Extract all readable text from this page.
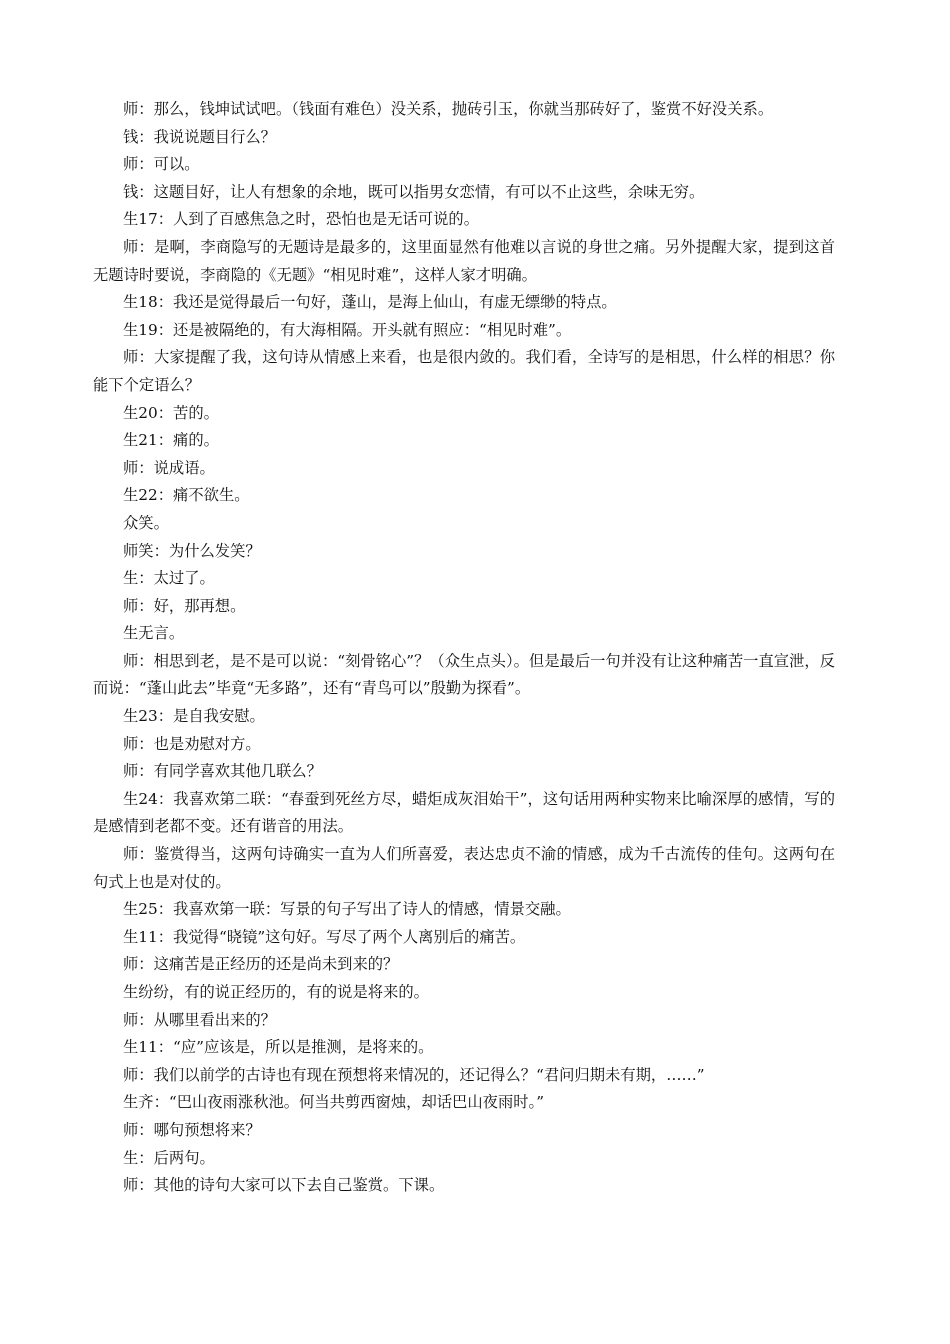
师：那么，钱坤试试吧。（钱面有难色）没关系，抛砖引玉，你就当那砖好了，鉴赏不好没关系。

钱：我说说题目行么？

师：可以。

钱：这题目好，让人有想象的余地，既可以指男女恋情，有可以不止这些，余味无穷。

生17：人到了百感焦急之时，恐怕也是无话可说的。

师：是啊，李商隐写的无题诗是最多的，这里面显然有他难以言说的身世之痛。另外提醒大家，提到这首无题诗时要说，李商隐的《无题》“相见时难”，这样人家才明确。

生18：我还是觉得最后一句好，蓬山，是海上仙山，有虚无缥缈的特点。

生19：还是被隔绝的，有大海相隔。开头就有照应：“相见时难”。

师：大家提醒了我，这句诗从情感上来看，也是很内敛的。我们看，全诗写的是相思，什么样的相思？你能下个定语么？

生20：苦的。

生21：痛的。

师：说成语。

生22：痛不欲生。

众笑。

师笑：为什么发笑？

生：太过了。

师：好，那再想。

生无言。

师：相思到老，是不是可以说：“刻骨铭心”？（众生点头）。但是最后一句并没有让这种痛苦一直宣泄，反而说：“蓬山此去”毕竟“无多路”，还有“青鸟可以”殷勤为探看”。

生23：是自我安慰。

师：也是劝慰对方。

师：有同学喜欢其他几联么？

生24：我喜欢第二联：“春蚕到死丝方尽，蜡炬成灰泪始干”，这句话用两种实物来比喻深厚的感情，写的是感情到老都不变。还有谐音的用法。

师：鉴赏得当，这两句诗确实一直为人们所喜爱，表达忠贞不渝的情感，成为千古流传的佳句。这两句在句式上也是对仗的。

生25：我喜欢第一联：写景的句子写出了诗人的情感，情景交融。

生11：我觉得“晓镜”这句好。写尽了两个人离别后的痛苦。

师：这痛苦是正经历的还是尚未到来的？

生纷纷，有的说正经历的，有的说是将来的。

师：从哪里看出来的？

生11：“应”应该是，所以是推测，是将来的。

师：我们以前学的古诗也有现在预想将来情况的，还记得么？“君问归期未有期，……”

生齐：“巴山夜雨涨秋池。何当共剪西窗烛，却话巴山夜雨时。”

师：哪句预想将来？

生：后两句。

师：其他的诗句大家可以下去自己鉴赏。下课。
